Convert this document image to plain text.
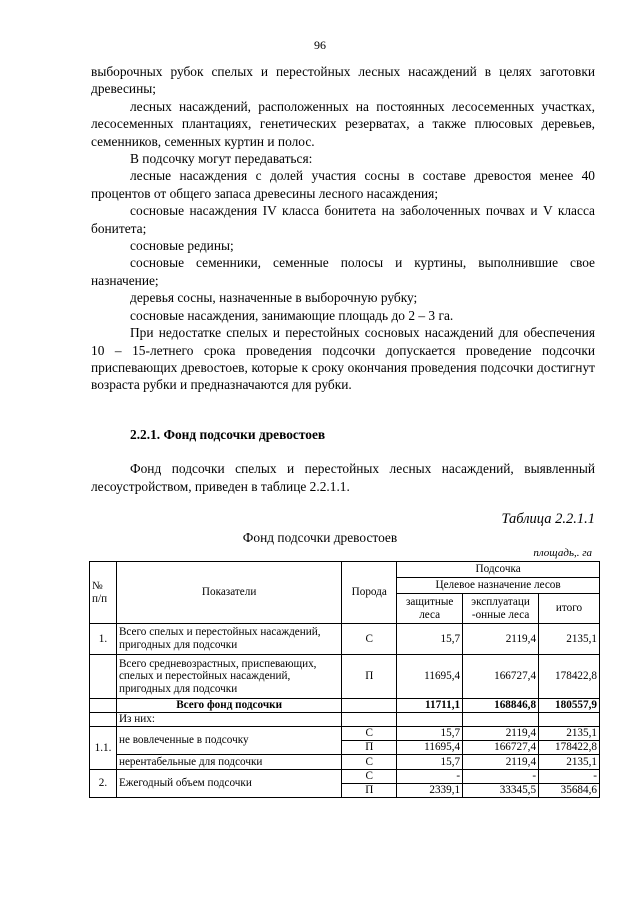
96

выборочных рубок спелых и перестойных лесных насаждений в целях заготовки древесины;

лесных насаждений, расположенных на постоянных лесосеменных участках, лесосеменных плантациях, генетических резерватах, а также плюсовых деревьев, семенников, семенных куртин и полос.

В подсочку могут передаваться:

лесные насаждения с долей участия сосны в составе древостоя менее 40 процентов от общего запаса древесины лесного насаждения;

сосновые насаждения IV класса бонитета на заболоченных почвах и V класса бонитета;

сосновые редины;

сосновые семенники, семенные полосы и куртины, выполнившие свое назначение;

деревья сосны, назначенные в выборочную рубку;

сосновые насаждения, занимающие площадь до 2 – 3 га.

При недостатке спелых и перестойных сосновых насаждений для обеспечения 10 – 15-летнего срока проведения подсочки допускается проведение подсочки приспевающих древостоев, которые к сроку окончания проведения подсочки достигнут возраста рубки и предназначаются для рубки.

2.2.1. Фонд подсочки древостоев
Фонд подсочки спелых и перестойных лесных насаждений, выявленный лесоустройством, приведен в таблице 2.2.1.1.
Таблица 2.2.1.1
Фонд подсочки древостоев
площадь,. га
№ п/п	Показатели	Порода	Подсочка		
			Целевое назначение лесов		
			защитные леса	эксплуатаци -онные леса	итого
1.	Всего спелых и перестойных насаждений, пригодных для подсочки	С	15,7	2119,4	2135,1
	Всего средневозрастных, приспевающих, спелых и перестойных насаждений, пригодных для подсочки	П	11695,4	166727,4	178422,8
	Всего фонд подсочки		11711,1	168846,8	180557,9
	Из них:				
1.1.	не вовлеченные в подсочку	С	15,7	2119,4	2135,1
		П	11695,4	166727,4	178422,8
	нерентабельные для подсочки	С	15,7	2119,4	2135,1
2.	Ежегодный объем подсочки	С	-	-	-
		П	2339,1	33345,5	35684,6
